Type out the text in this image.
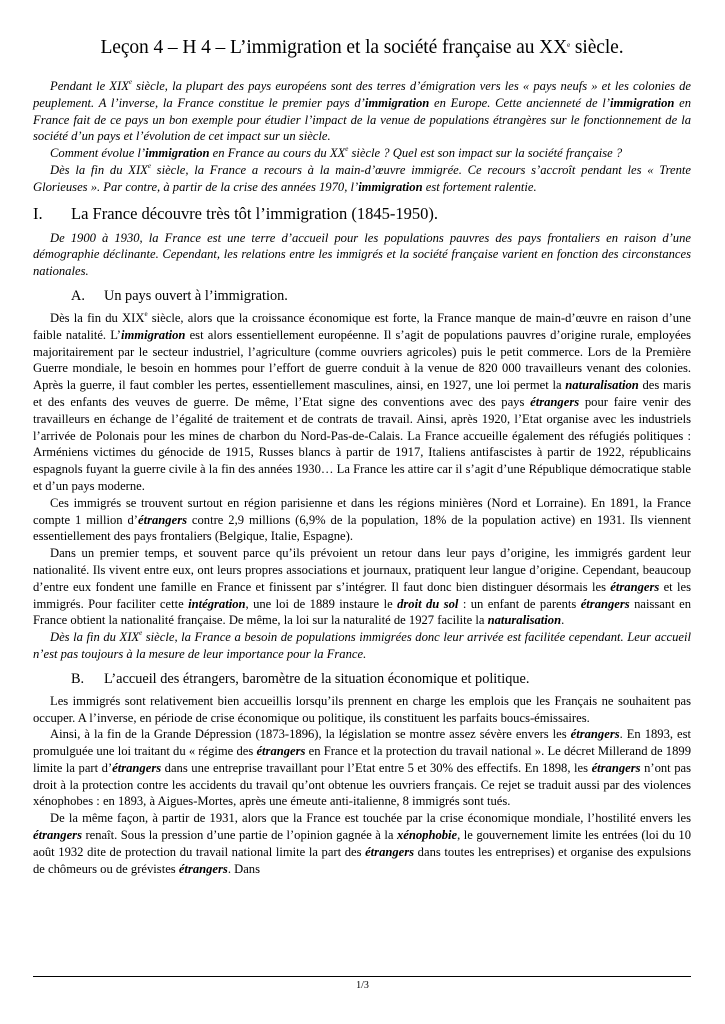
Leçon 4 – H 4 – L’immigration et la société française au XXe siècle.

Pendant le XIXe siècle, la plupart des pays européens sont des terres d’émigration vers les « pays neufs » et les colonies de peuplement. A l’inverse, la France constitue le premier pays d’immigration en Europe. Cette ancienneté de l’immigration en France fait de ce pays un bon exemple pour étudier l’impact de la venue de populations étrangères sur le fonctionnement de la société d’un pays et l’évolution de cet impact sur un siècle.

Comment évolue l’immigration en France au cours du XXe siècle ? Quel est son impact sur la société française ?

Dès la fin du XIXe siècle, la France a recours à la main-d’œuvre immigrée. Ce recours s’accroît pendant les « Trente Glorieuses ». Par contre, à partir de la crise des années 1970, l’immigration est fortement ralentie.

I. La France découvre très tôt l’immigration (1845-1950).

De 1900 à 1930, la France est une terre d’accueil pour les populations pauvres des pays frontaliers en raison d’une démographie déclinante. Cependant, les relations entre les immigrés et la société française varient en fonction des circonstances nationales.

A. Un pays ouvert à l’immigration.

Dès la fin du XIXe siècle, alors que la croissance économique est forte, la France manque de main-d’œuvre en raison d’une faible natalité. L’immigration est alors essentiellement européenne. Il s’agit de populations pauvres d’origine rurale, employées majoritairement par le secteur industriel, l’agriculture (comme ouvriers agricoles) puis le petit commerce. Lors de la Première Guerre mondiale, le besoin en hommes pour l’effort de guerre conduit à la venue de 820 000 travailleurs venant des colonies. Après la guerre, il faut combler les pertes, essentiellement masculines, ainsi, en 1927, une loi permet la naturalisation des maris et des enfants des veuves de guerre. De même, l’Etat signe des conventions avec des pays étrangers pour faire venir des travailleurs en échange de l’égalité de traitement et de contrats de travail. Ainsi, après 1920, l’Etat organise avec les industriels l’arrivée de Polonais pour les mines de charbon du Nord-Pas-de-Calais. La France accueille également des réfugiés politiques : Arméniens victimes du génocide de 1915, Russes blancs à partir de 1917, Italiens antifascistes à partir de 1922, républicains espagnols fuyant la guerre civile à la fin des années 1930… La France les attire car il s’agit d’une République démocratique stable et d’un pays moderne.

Ces immigrés se trouvent surtout en région parisienne et dans les régions minières (Nord et Lorraine). En 1891, la France compte 1 million d’étrangers contre 2,9 millions (6,9% de la population, 18% de la population active) en 1931. Ils viennent essentiellement des pays frontaliers (Belgique, Italie, Espagne).

Dans un premier temps, et souvent parce qu’ils prévoient un retour dans leur pays d’origine, les immigrés gardent leur nationalité. Ils vivent entre eux, ont leurs propres associations et journaux, pratiquent leur langue d’origine. Cependant, beaucoup d’entre eux fondent une famille en France et finissent par s’intégrer. Il faut donc bien distinguer désormais les étrangers et les immigrés. Pour faciliter cette intégration, une loi de 1889 instaure le droit du sol : un enfant de parents étrangers naissant en France obtient la nationalité française. De même, la loi sur la naturalité de 1927 facilite la naturalisation.

Dès la fin du XIXe siècle, la France a besoin de populations immigrées donc leur arrivée est facilitée cependant. Leur accueil n’est pas toujours à la mesure de leur importance pour la France.

B. L’accueil des étrangers, baromètre de la situation économique et politique.

Les immigrés sont relativement bien accueillis lorsqu’ils prennent en charge les emplois que les Français ne souhaitent pas occuper. A l’inverse, en période de crise économique ou politique, ils constituent les parfaits boucs-émissaires.

Ainsi, à la fin de la Grande Dépression (1873-1896), la législation se montre assez sévère envers les étrangers. En 1893, est promulguée une loi traitant du « régime des étrangers en France et la protection du travail national ». Le décret Millerand de 1899 limite la part d’étrangers dans une entreprise travaillant pour l’Etat entre 5 et 30% des effectifs. En 1898, les étrangers n’ont pas droit à la protection contre les accidents du travail qu’ont obtenue les ouvriers français. Ce rejet se traduit aussi par des violences xénophobes : en 1893, à Aigues-Mortes, après une émeute anti-italienne, 8 immigrés sont tués.

De la même façon, à partir de 1931, alors que la France est touchée par la crise économique mondiale, l’hostilité envers les étrangers renaît. Sous la pression d’une partie de l’opinion gagnée à la xénophobie, le gouvernement limite les entrées (loi du 10 août 1932 dite de protection du travail national limite la part des étrangers dans toutes les entreprises) et organise des expulsions de chômeurs ou de grévistes étrangers. Dans

1/3
